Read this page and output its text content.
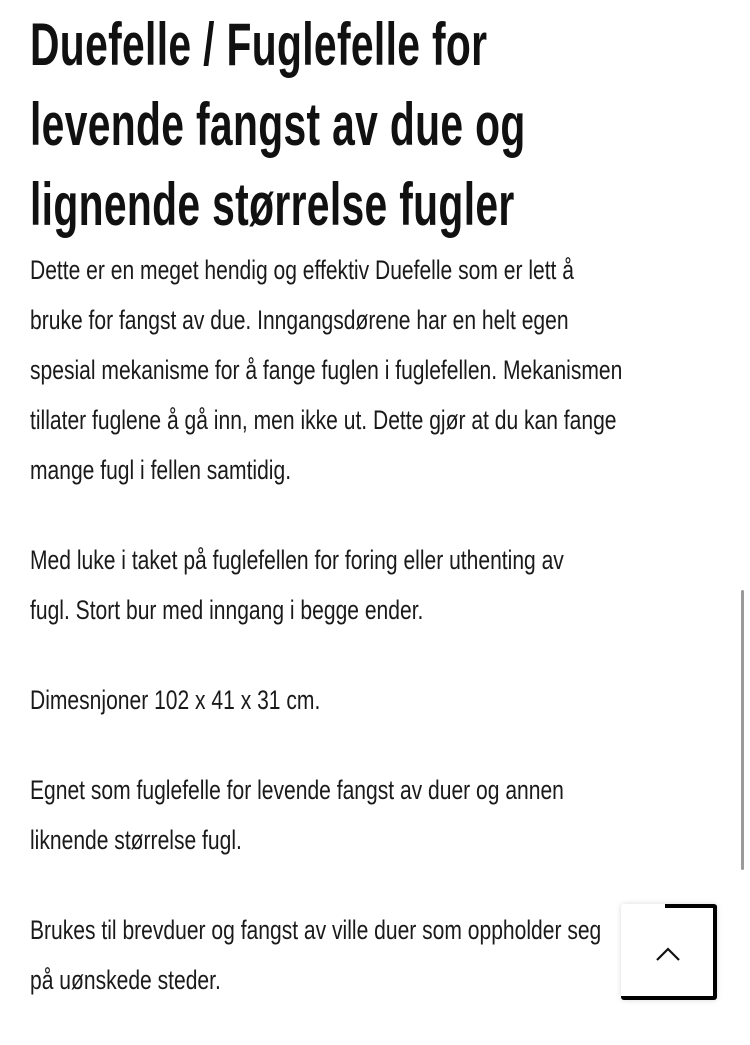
Duefelle / Fuglefelle for
levende fangst av due og
lignende størrelse fugler
Dette er en meget hendig og effektiv Duefelle som er lett å
bruke for fangst av due. Inngangsdørene har en helt egen
spesial mekanisme for å fange fuglen i fuglefellen. Mekanismen
tillater fuglene å gå inn, men ikke ut. Dette gjør at du kan fange
mange fugl i fellen samtidig.
Med luke i taket på fuglefellen for foring eller uthenting av
fugl. Stort bur med inngang i begge ender.
Dimesnjoner 102 x 41 x 31 cm.
Egnet som fuglefelle for levende fangst av duer og annen
liknende størrelse fugl.
Brukes til brevduer og fangst av ville duer som oppholder seg
på uønskede steder.
